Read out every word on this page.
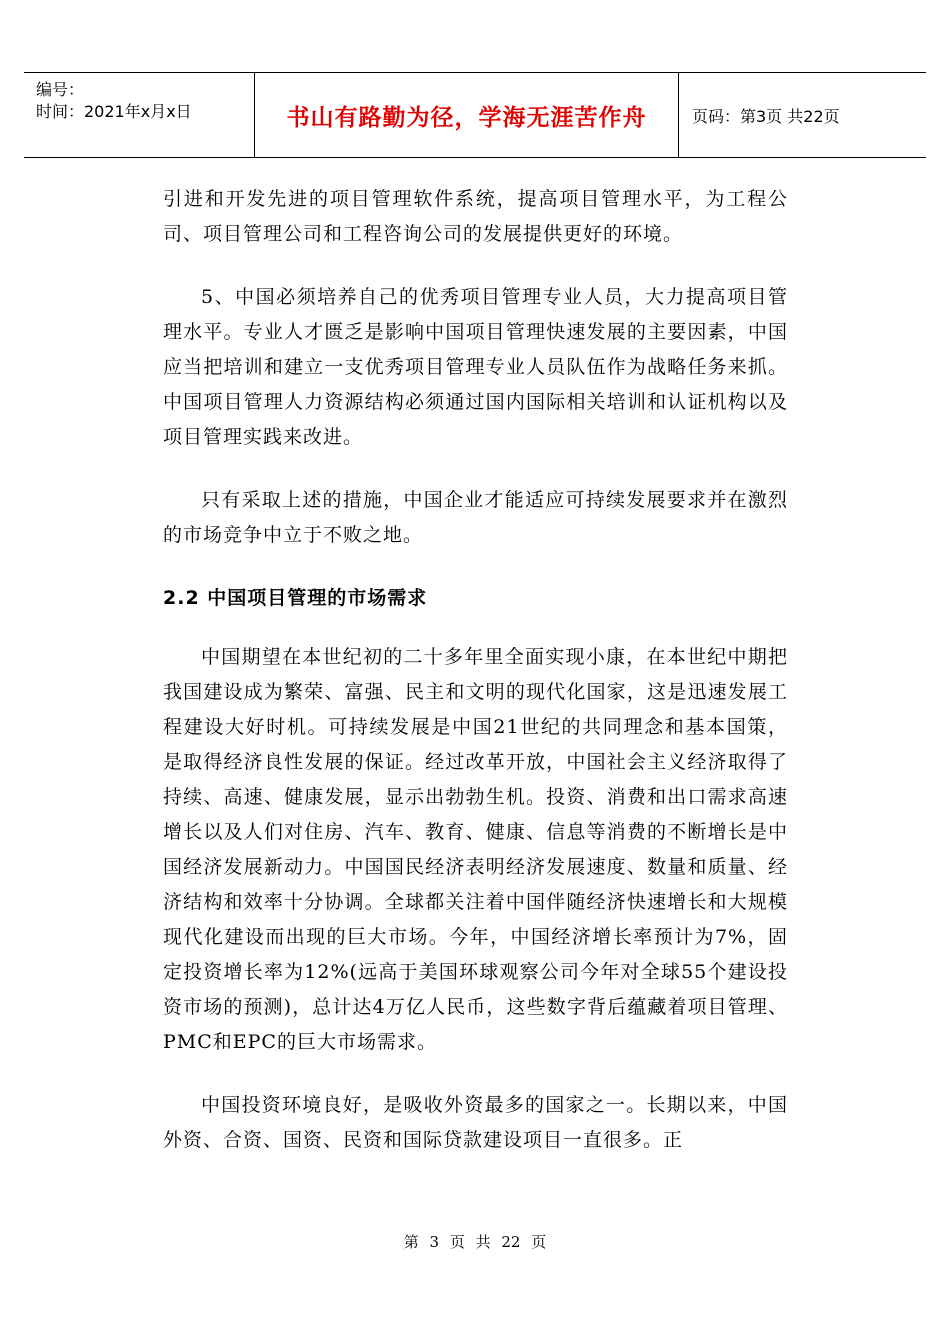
编号：
时间：2021年x月x日	书山有路勤为径，学海无涯苦作舟	页码：第3页 共22页

引进和开发先进的项目管理软件系统，提高项目管理水平，为工程公司、项目管理公司和工程咨询公司的发展提供更好的环境。

5、中国必须培养自己的优秀项目管理专业人员，大力提高项目管理水平。专业人才匮乏是影响中国项目管理快速发展的主要因素，中国应当把培训和建立一支优秀项目管理专业人员队伍作为战略任务来抓。中国项目管理人力资源结构必须通过国内国际相关培训和认证机构以及项目管理实践来改进。

只有采取上述的措施，中国企业才能适应可持续发展要求并在激烈的市场竞争中立于不败之地。

2.2 中国项目管理的市场需求

中国期望在本世纪初的二十多年里全面实现小康，在本世纪中期把我国建设成为繁荣、富强、民主和文明的现代化国家，这是迅速发展工程建设大好时机。可持续发展是中国21世纪的共同理念和基本国策，是取得经济良性发展的保证。经过改革开放，中国社会主义经济取得了持续、高速、健康发展，显示出勃勃生机。投资、消费和出口需求高速增长以及人们对住房、汽车、教育、健康、信息等消费的不断增长是中国经济发展新动力。中国国民经济表明经济发展速度、数量和质量、经济结构和效率十分协调。全球都关注着中国伴随经济快速增长和大规模现代化建设而出现的巨大市场。今年，中国经济增长率预计为7%，固定投资增长率为12%(远高于美国环球观察公司今年对全球55个建设投资市场的预测)，总计达4万亿人民币，这些数字背后蕴藏着项目管理、PMC和EPC的巨大市场需求。

中国投资环境良好，是吸收外资最多的国家之一。长期以来，中国外资、合资、国资、民资和国际贷款建设项目一直很多。正

第 3 页 共 22 页
